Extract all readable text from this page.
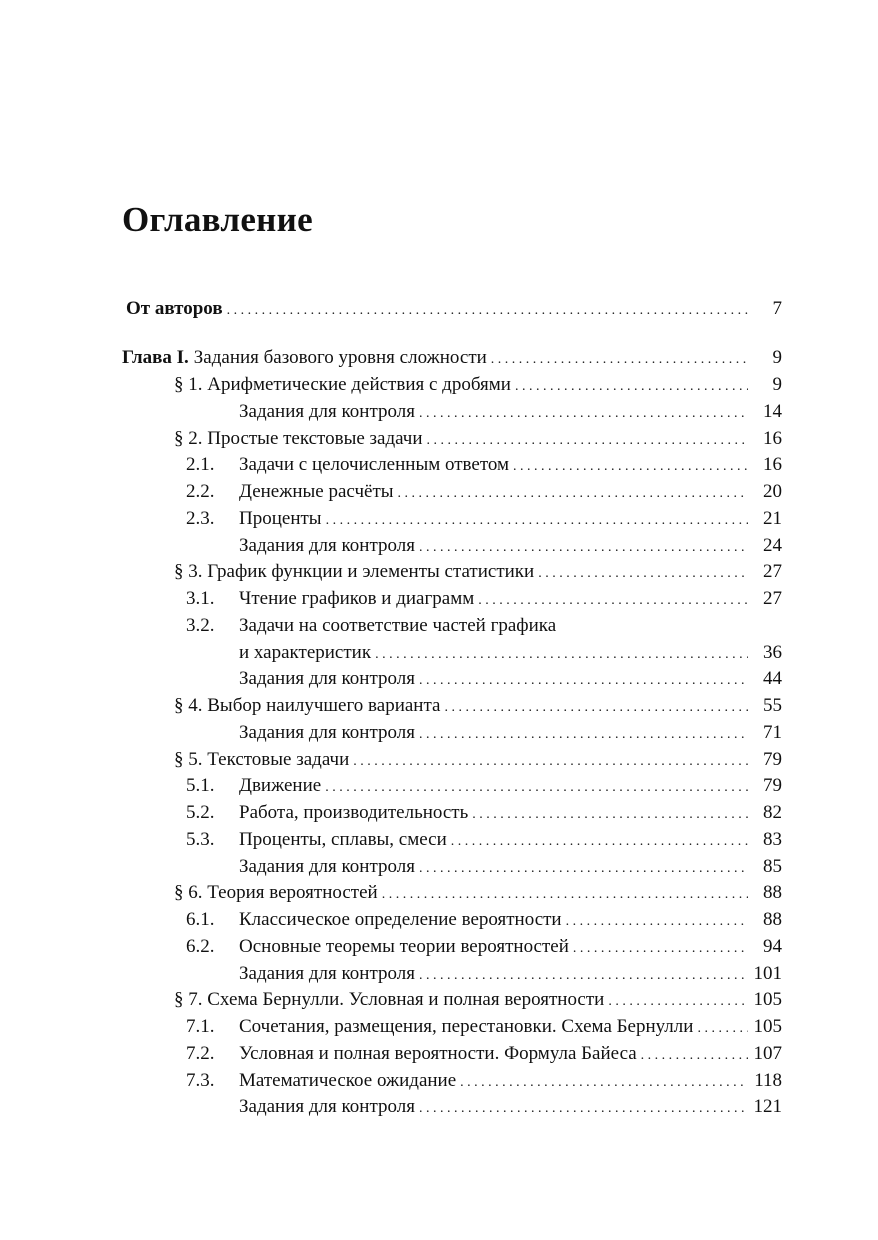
Оглавление
От авторов . . .	7
Глава I. Задания базового уровня сложности . . .	9
§ 1. Арифметические действия с дробями . . .	9
Задания для контроля . . .	14
§ 2. Простые текстовые задачи . . .	16
2.1. Задачи с целочисленным ответом . . .	16
2.2. Денежные расчёты . . .	20
2.3. Проценты . . .	21
Задания для контроля . . .	24
§ 3. График функции и элементы статистики . . .	27
3.1. Чтение графиков и диаграмм . . .	27
3.2. Задачи на соответствие частей графика
и характеристик . . .	36
Задания для контроля . . .	44
§ 4. Выбор наилучшего варианта . . .	55
Задания для контроля . . .	71
§ 5. Текстовые задачи . . .	79
5.1. Движение . . .	79
5.2. Работа, производительность . . .	82
5.3. Проценты, сплавы, смеси . . .	83
Задания для контроля . . .	85
§ 6. Теория вероятностей . . .	88
6.1. Классическое определение вероятности . . .	88
6.2. Основные теоремы теории вероятностей . . .	94
Задания для контроля . . .	101
§ 7. Схема Бернулли. Условная и полная вероятности . . .	105
7.1. Сочетания, размещения, перестановки. Схема Бернулли . . .	105
7.2. Условная и полная вероятности. Формула Байеса . . .	107
7.3. Математическое ожидание . . .	118
Задания для контроля . . .	121
